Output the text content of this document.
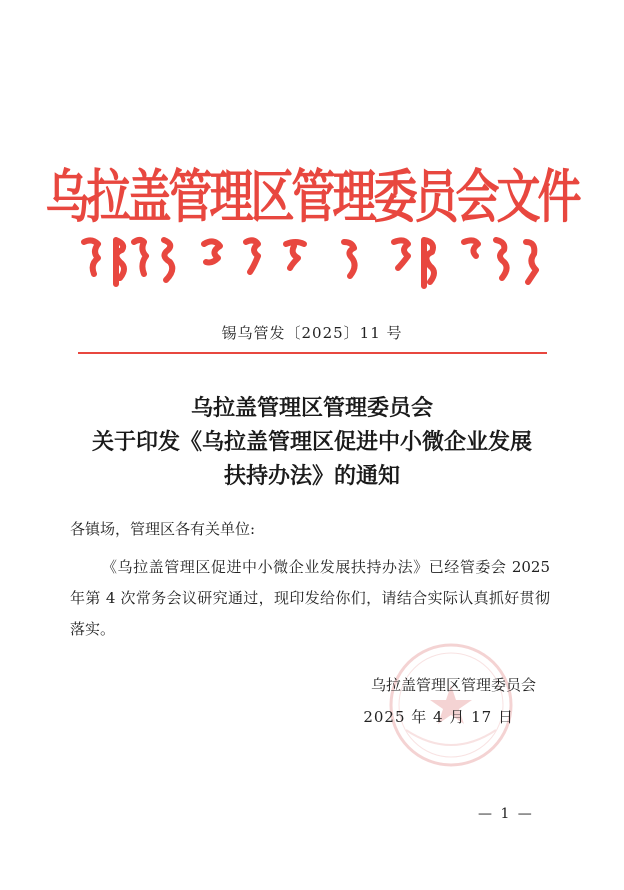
乌拉盖管理区管理委员会文件
锡乌管发〔2025〕11 号
乌拉盖管理区管理委员会
关于印发《乌拉盖管理区促进中小微企业发展
扶持办法》的通知
各镇场，管理区各有关单位:

《乌拉盖管理区促进中小微企业发展扶持办法》已经管委会 2025 年第 4 次常务会议研究通过，现印发给你们，请结合实际认真抓好贯彻落实。

乌拉盖管理区管理委员会
2025 年 4 月 17 日
— 1 —
